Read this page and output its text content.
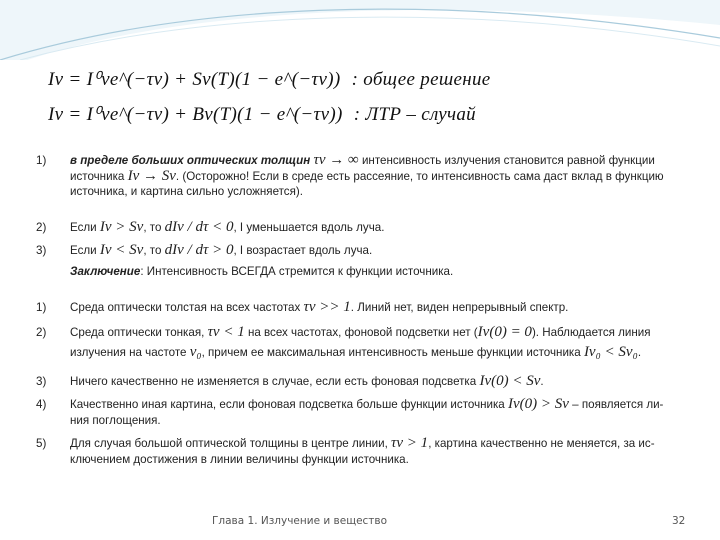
Iν = I⁰νe^(−τν) + Sν(T)(1 − e^(−τν)) : общее решение
Iν = I⁰νe^(−τν) + Bν(T)(1 − e^(−τν)) : ЛТР – случай
1)	в пределе больших оптических толщин τν → ∞ интенсивность излучения становится равной функции
источника Iν → Sν. (Осторожно! Если в среде есть рассеяние, то интенсивность сама даст вклад в функцию
источника, и картина сильно усложняется).
2)	Если Iν > Sν, то dIν / dτ < 0, I уменьшается вдоль луча.
3)	Если Iν < Sν, то dIν / dτ > 0, I возрастает вдоль луча.
Заключение: Интенсивность ВСЕГДА стремится к функции источника.
1)	Среда оптически толстая на всех частотах τν >> 1. Линий нет, виден непрерывный спектр.
2)	Среда оптически тонкая, τν < 1 на всех частотах, фоновой подсветки нет (Iν(0) = 0). Наблюдается линия
излучения на частоте ν₀, причем ее максимальная интенсивность меньше функции источника Iν₀ < Sν₀.
3)	Ничего качественно не изменяется в случае, если есть фоновая подсветка Iν(0) < Sν.
4)	Качественно иная картина, если фоновая подсветка больше функции источника Iν(0) > Sν – появляется ли-
ния поглощения.
5)	Для случая большой оптической толщины в центре линии, τν > 1, картина качественно не меняется, за ис-
ключением достижения в линии величины функции источника.
Глава 1. Излучение и вещество	32
